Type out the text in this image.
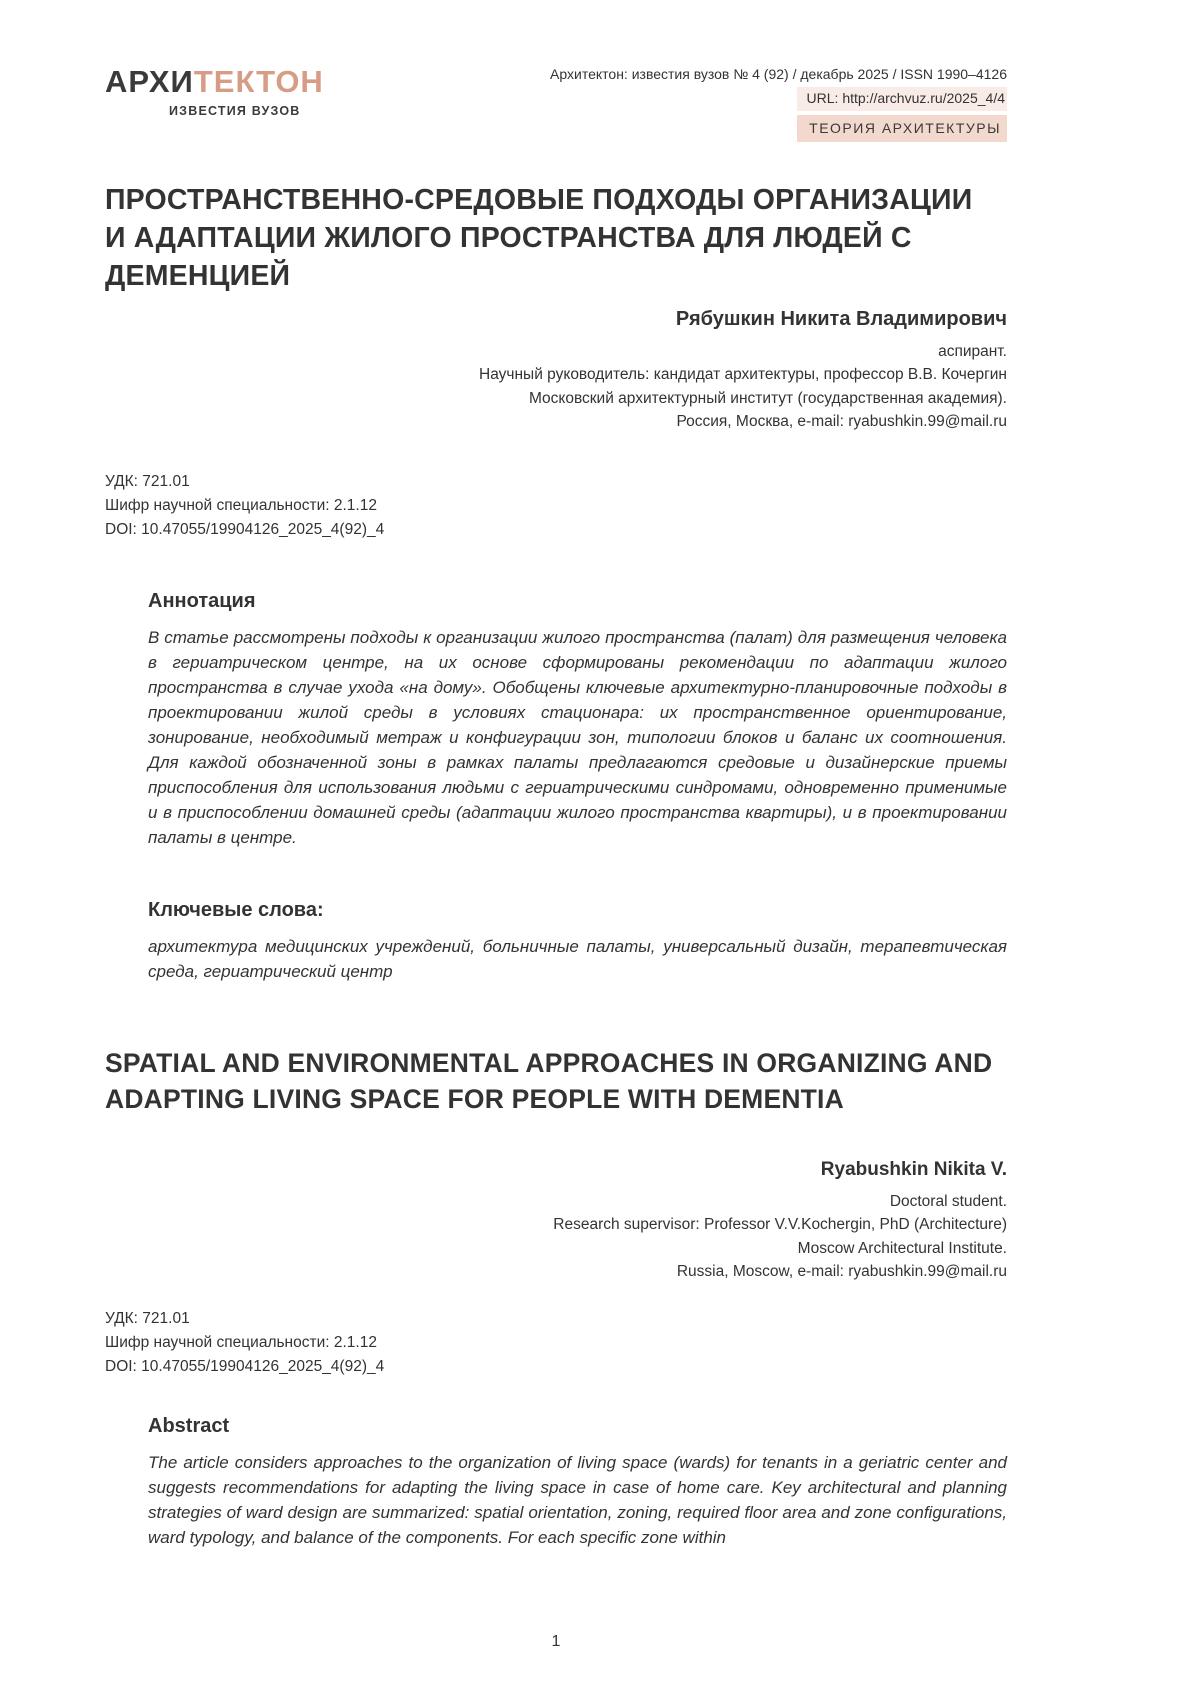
АРХИТЕКТОН
ИЗВЕСТИЯ ВУЗОВ
Архитектон: известия вузов № 4 (92) / декабрь 2025 / ISSN 1990–4126
URL: http://archvuz.ru/2025_4/4
ТЕОРИЯ АРХИТЕКТУРЫ
ПРОСТРАНСТВЕННО-СРЕДОВЫЕ ПОДХОДЫ ОРГАНИЗАЦИИ И АДАПТАЦИИ ЖИЛОГО ПРОСТРАНСТВА ДЛЯ ЛЮДЕЙ С ДЕМЕНЦИЕЙ
Рябушкин Никита Владимирович
аспирант.
Научный руководитель: кандидат архитектуры, профессор В.В. Кочергин
Московский архитектурный институт (государственная академия).
Россия, Москва, e-mail: ryabushkin.99@mail.ru
УДК: 721.01
Шифр научной специальности: 2.1.12
DOI: 10.47055/19904126_2025_4(92)_4
Аннотация

В статье рассмотрены подходы к организации жилого пространства (палат) для размещения человека в гериатрическом центре, на их основе сформированы рекомендации по адаптации жилого пространства в случае ухода «на дому». Обобщены ключевые архитектурно-планировочные подходы в проектировании жилой среды в условиях стационара: их пространственное ориентирование, зонирование, необходимый метраж и конфигурации зон, типологии блоков и баланс их соотношения. Для каждой обозначенной зоны в рамках палаты предлагаются средовые и дизайнерские приемы приспособления для использования людьми с гериатрическими синдромами, одновременно применимые и в приспособлении домашней среды (адаптации жилого пространства квартиры), и в проектировании палаты в центре.

Ключевые слова:

архитектура медицинских учреждений, больничные палаты, универсальный дизайн, терапевтическая среда, гериатрический центр

SPATIAL AND ENVIRONMENTAL APPROACHES IN ORGANIZING AND ADAPTING LIVING SPACE FOR PEOPLE WITH DEMENTIA
Ryabushkin Nikita V.
Doctoral student.
Research supervisor: Professor V.V.Kochergin, PhD (Architecture)
Moscow Architectural Institute.
Russia, Moscow, e-mail: ryabushkin.99@mail.ru
УДК: 721.01
Шифр научной специальности: 2.1.12
DOI: 10.47055/19904126_2025_4(92)_4
Abstract

The article considers approaches to the organization of living space (wards) for tenants in a geriatric center and suggests recommendations for adapting the living space in case of home care. Key architectural and planning strategies of ward design are summarized: spatial orientation, zoning, required floor area and zone configurations, ward typology, and balance of the components. For each specific zone within

1
